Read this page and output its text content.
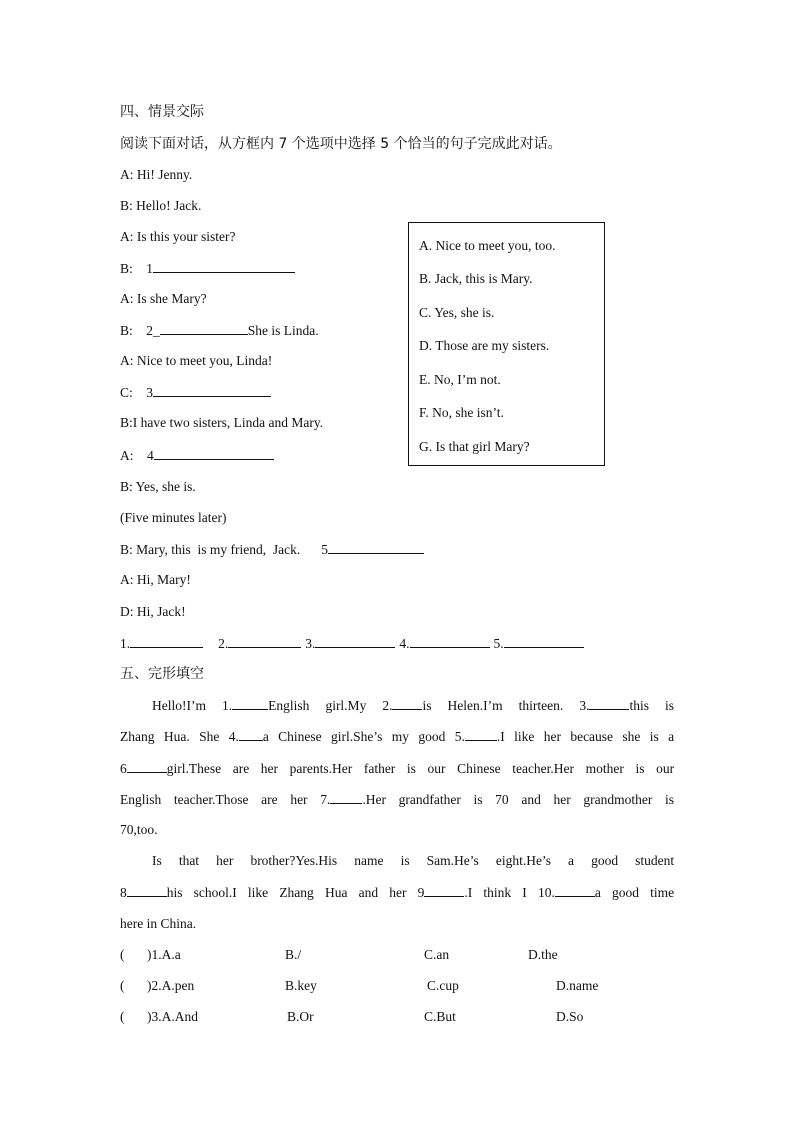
四、情景交际
阅读下面对话，从方框内 7 个选项中选择 5 个恰当的句子完成此对话。
A: Hi! Jenny.
B: Hello! Jack.
A: Is this your sister?
B:    1
A: Is she Mary?
B:    2_	She is Linda.
A: Nice to meet you, Linda!
C:    3
B:I have two sisters, Linda and Mary.
A:    4
B: Yes, she is.
(Five minutes later)
B: Mary, this  is my friend,  Jack. 5
A: Hi, Mary!
D: Hi, Jack!
A. Nice to meet you, too.
B. Jack, this is Mary.
C. Yes, she is.
D. Those are my sisters.
E. No, I’m not.
F. No, she isn’t.
G. Is that girl Mary?
1.	2.	3.	4.	5.
五、完形填空
Hello!I’m 1.	English girl.My 2. is Helen.I’m thirteen. 3.	this is
Zhang Hua. She 4. a Chinese girl.She’s my good 5. .I like her because she is a
6	girl.These are her parents.Her father is our Chinese teacher.Her mother is our
English teacher.Those are her 7. .Her grandfather is 70 and her grandmother is
70,too.
Is that her brother?Yes.His name is Sam.He’s eight.He’s a good student
8	his school.I like Zhang Hua and her 9	.I think I 10.	a good time
here in China.
( )1.A.a	B./	C.an	D.the
( )2.A.pen	B.key	C.cup	D.name
( )3.A.And	B.Or	C.But	D.So
